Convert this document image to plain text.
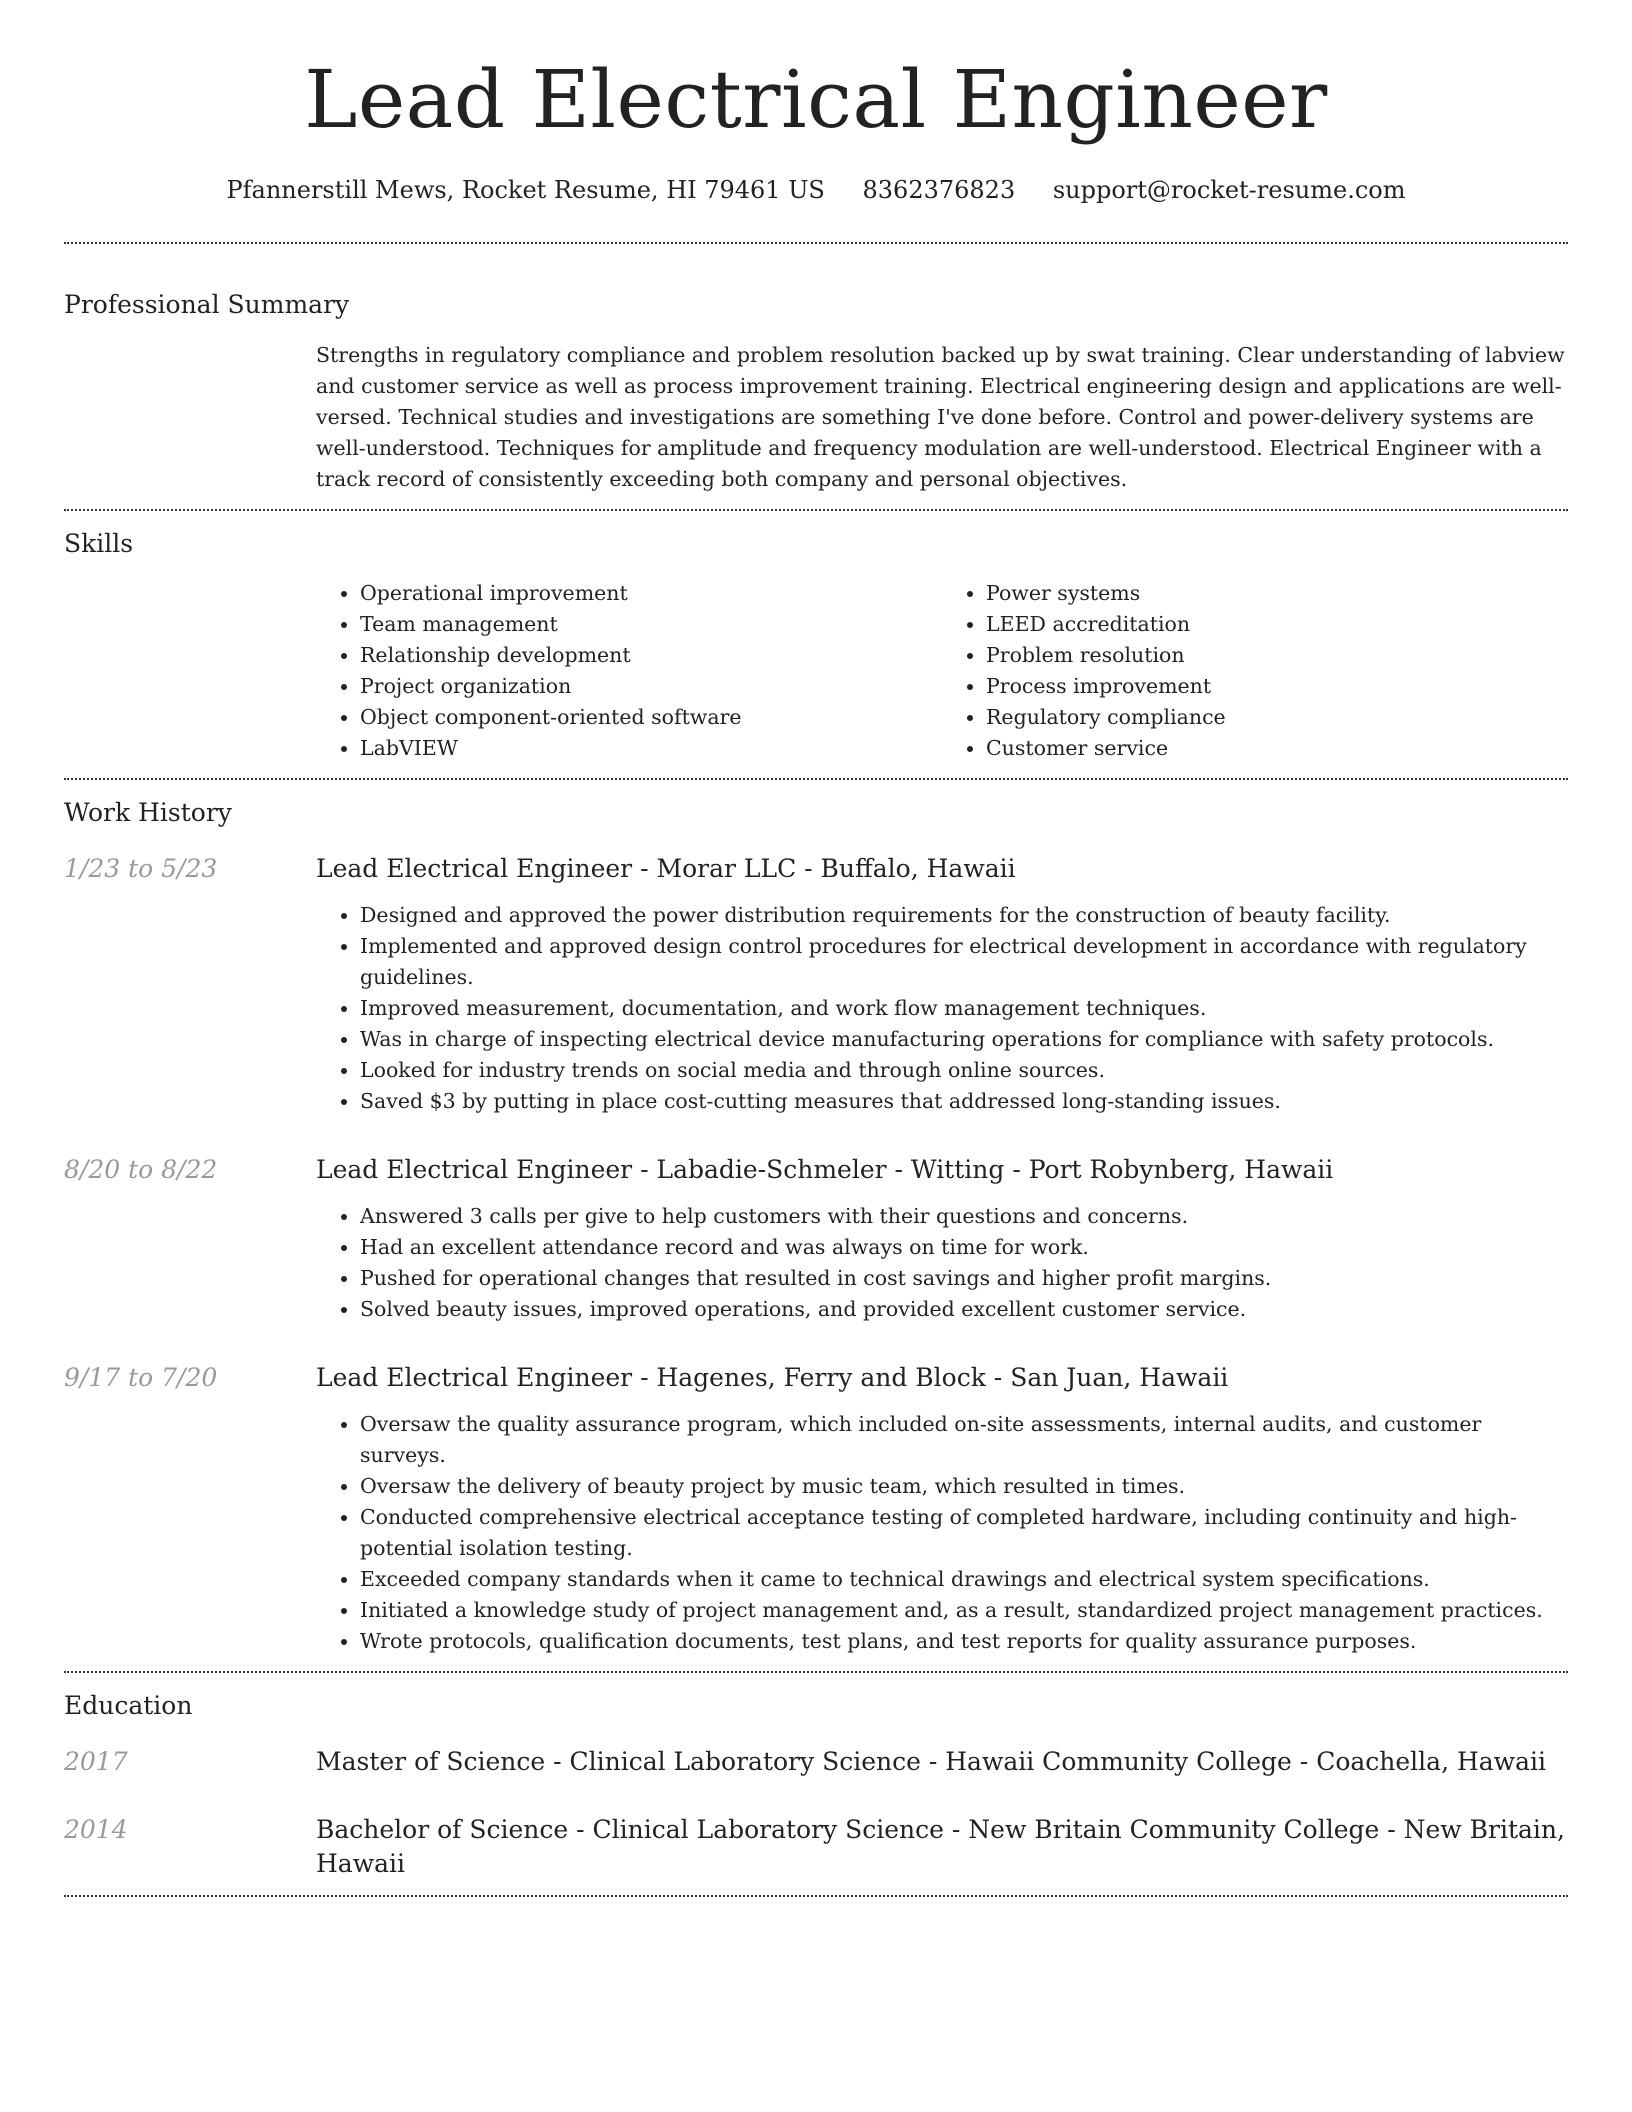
Lead Electrical Engineer
Pfannerstill Mews, Rocket Resume, HI 79461 US 8362376823 support@rocket-resume.com
Professional Summary
Strengths in regulatory compliance and problem resolution backed up by swat training. Clear understanding of labview and customer service as well as process improvement training. Electrical engineering design and applications are well-versed. Technical studies and investigations are something I've done before. Control and power-delivery systems are well-understood. Techniques for amplitude and frequency modulation are well-understood. Electrical Engineer with a track record of consistently exceeding both company and personal objectives.
Skills
• Operational improvement
• Team management
• Relationship development
• Project organization
• Object component-oriented software
• LabVIEW
• Power systems
• LEED accreditation
• Problem resolution
• Process improvement
• Regulatory compliance
• Customer service
Work History
1/23 to 5/23	Lead Electrical Engineer - Morar LLC - Buffalo, Hawaii
• Designed and approved the power distribution requirements for the construction of beauty facility.
• Implemented and approved design control procedures for electrical development in accordance with regulatory guidelines.
• Improved measurement, documentation, and work flow management techniques.
• Was in charge of inspecting electrical device manufacturing operations for compliance with safety protocols.
• Looked for industry trends on social media and through online sources.
• Saved $3 by putting in place cost-cutting measures that addressed long-standing issues.
8/20 to 8/22	Lead Electrical Engineer - Labadie-Schmeler - Witting - Port Robynberg, Hawaii
• Answered 3 calls per give to help customers with their questions and concerns.
• Had an excellent attendance record and was always on time for work.
• Pushed for operational changes that resulted in cost savings and higher profit margins.
• Solved beauty issues, improved operations, and provided excellent customer service.
9/17 to 7/20	Lead Electrical Engineer - Hagenes, Ferry and Block - San Juan, Hawaii
• Oversaw the quality assurance program, which included on-site assessments, internal audits, and customer surveys.
• Oversaw the delivery of beauty project by music team, which resulted in times.
• Conducted comprehensive electrical acceptance testing of completed hardware, including continuity and high-potential isolation testing.
• Exceeded company standards when it came to technical drawings and electrical system specifications.
• Initiated a knowledge study of project management and, as a result, standardized project management practices.
• Wrote protocols, qualification documents, test plans, and test reports for quality assurance purposes.
Education
2017	Master of Science - Clinical Laboratory Science - Hawaii Community College - Coachella, Hawaii
2014	Bachelor of Science - Clinical Laboratory Science - New Britain Community College - New Britain, Hawaii
